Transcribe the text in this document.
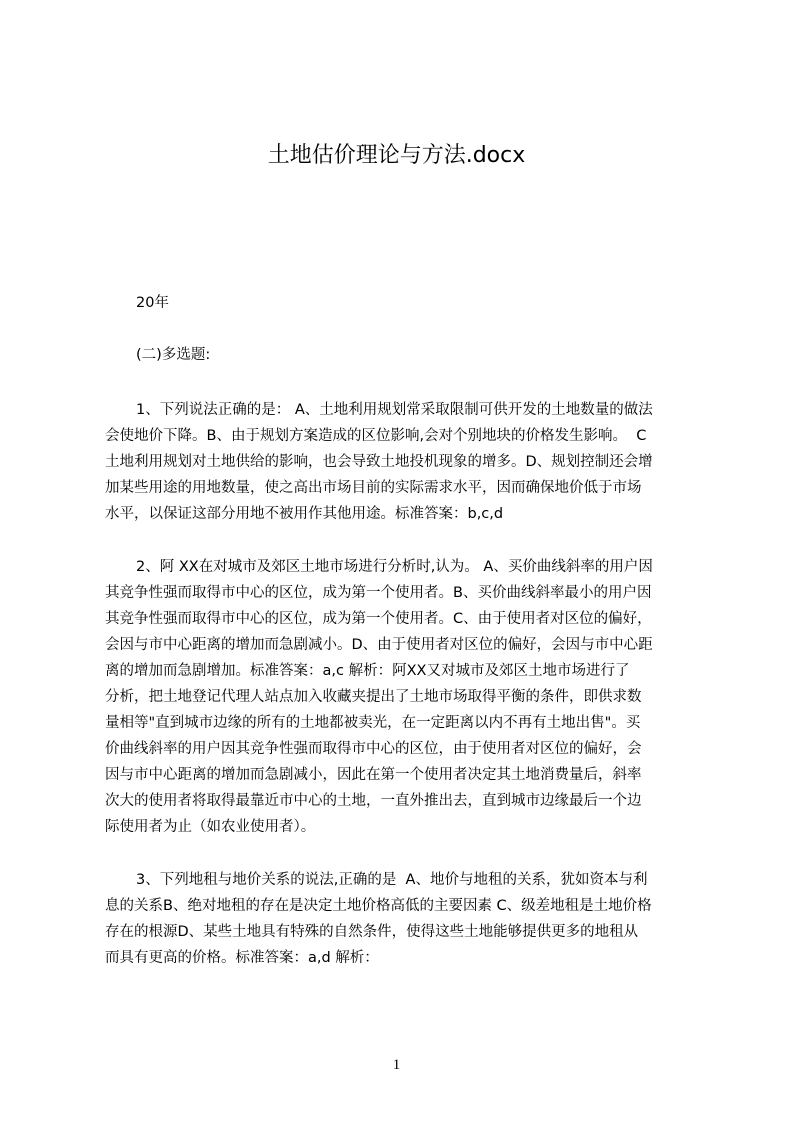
土地估价理论与方法.docx
20年
(二)多选题:
1、下列说法正确的是： A、土地利用规划常采取限制可供开发的土地数量的做法
会使地价下降。B、由于规划方案造成的区位影响,会对个别地块的价格发生影响。  C
土地利用规划对土地供给的影响，也会导致土地投机现象的增多。D、规划控制还会增
加某些用途的用地数量，使之高出市场目前的实际需求水平，因而确保地价低于市场
水平，以保证这部分用地不被用作其他用途。标准答案：b,c,d
2、阿 XX在对城市及郊区土地市场进行分析时,认为。 A、买价曲线斜率的用户因
其竞争性强而取得市中心的区位，成为第一个使用者。B、买价曲线斜率最小的用户因
其竞争性强而取得市中心的区位，成为第一个使用者。C、由于使用者对区位的偏好，
会因与市中心距离的增加而急剧减小。D、由于使用者对区位的偏好，会因与市中心距
离的增加而急剧增加。标准答案：a,c 解析：阿XX又对城市及郊区土地市场进行了
分析，把土地登记代理人站点加入收藏夹提出了土地市场取得平衡的条件，即供求数
量相等"直到城市边缘的所有的土地都被卖光，在一定距离以内不再有土地出售"。买
价曲线斜率的用户因其竞争性强而取得市中心的区位，由于使用者对区位的偏好，会
因与市中心距离的增加而急剧减小，因此在第一个使用者决定其土地消费量后，斜率
次大的使用者将取得最靠近市中心的土地，一直外推出去，直到城市边缘最后一个边
际使用者为止（如农业使用者）。
3、下列地租与地价关系的说法,正确的是  A、地价与地租的关系，犹如资本与利
息的关系B、绝对地租的存在是决定土地价格高低的主要因素 C、级差地租是土地价格
存在的根源D、某些土地具有特殊的自然条件，使得这些土地能够提供更多的地租从
而具有更高的价格。标准答案：a,d 解析：
1
